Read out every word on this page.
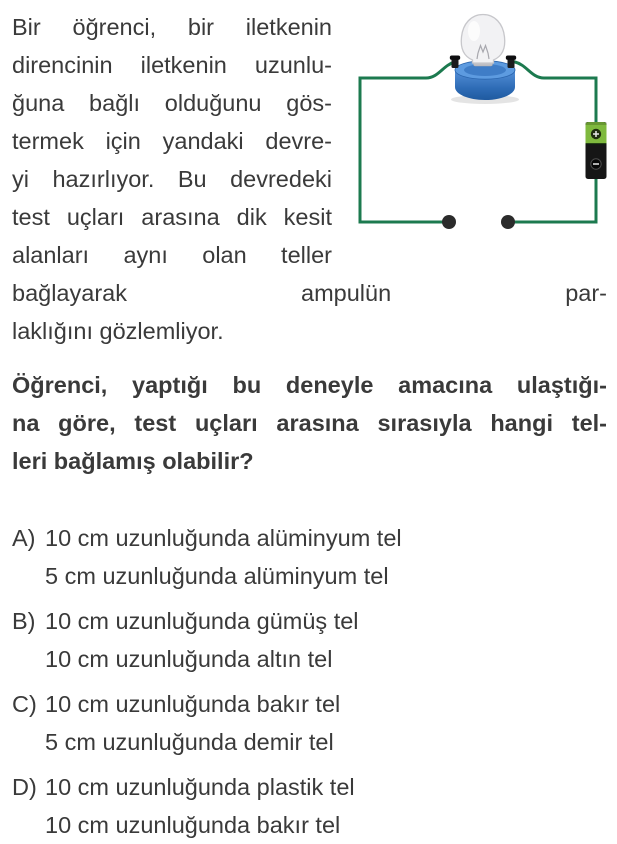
Bir öğrenci, bir iletkenin
direncinin iletkenin uzunlu-
ğuna bağlı olduğunu gös-
termek için yandaki devre-
yi hazırlıyor. Bu devredeki
test uçları arasına dik kesit
alanları aynı olan teller bağlayarak ampulün par-
laklığını gözlemliyor.
Öğrenci, yaptığı bu deneyle amacına ulaştığı-
na göre, test uçları arasına sırasıyla hangi tel-
leri bağlamış olabilir?
A) 10 cm uzunluğunda alüminyum tel
5 cm uzunluğunda alüminyum tel
B) 10 cm uzunluğunda gümüş tel
10 cm uzunluğunda altın tel
C) 10 cm uzunluğunda bakır tel
5 cm uzunluğunda demir tel
D) 10 cm uzunluğunda plastik tel
10 cm uzunluğunda bakır tel
